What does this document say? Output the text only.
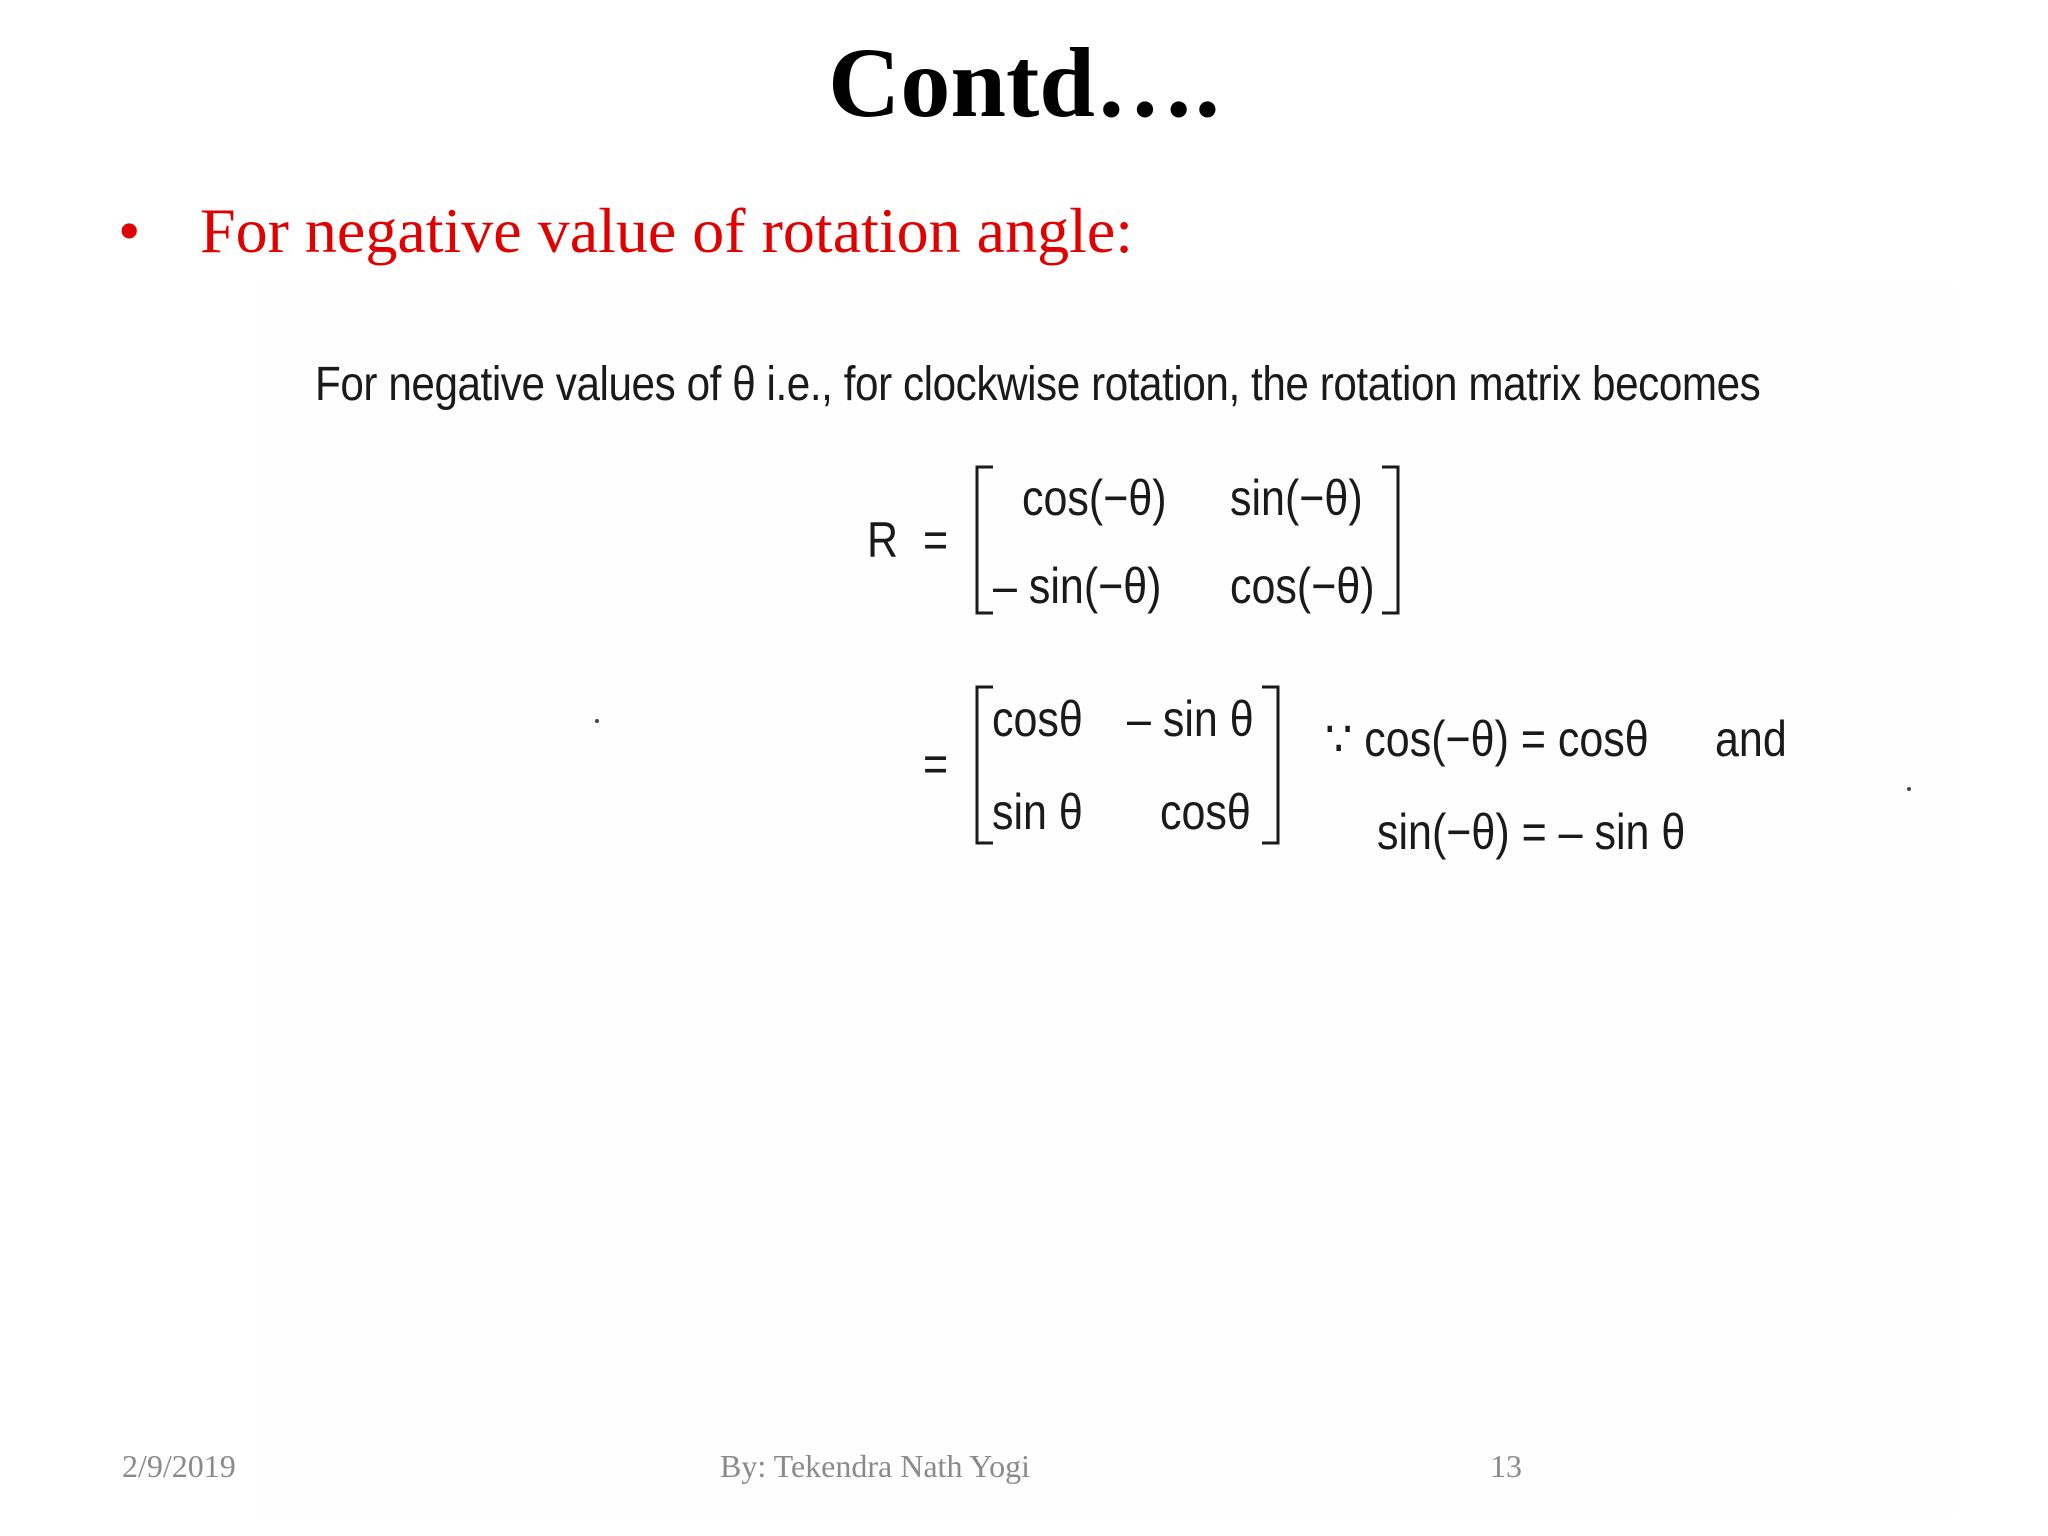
Contd….
• For negative value of rotation angle:
For negative values of θ i.e., for clockwise rotation, the rotation matrix becomes
R =
cos(−θ) sin(−θ)
– sin(−θ) cos(−θ)
=
cosθ – sin θ
sin θ cosθ
∵ cos(−θ) = cosθ and
sin(−θ) = – sin θ
2/9/2019	By: Tekendra Nath Yogi	13
